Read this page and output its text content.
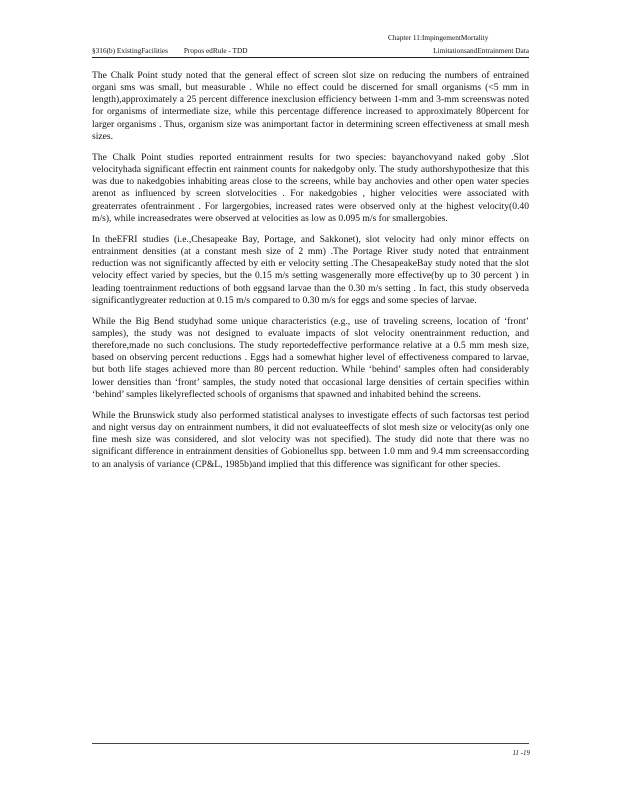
Chapter 11:ImpingementMortality
§316(b) ExistingFacilities Propos edRule - TDD	LimitationsandEntrainment Data

The Chalk Point study noted that the general effect of screen slot size on reducing the numbers of entrained organi sms was small, but measurable . While no effect could be discerned for small organisms (<5 mm in length),approximately a 25 percent difference inexclusion efficiency between 1-mm and 3-mm screenswas noted for organisms of intermediate size, while this percentage difference increased to approximately 80percent for larger organisms . Thus, organism size was animportant factor in determining screen effectiveness at small mesh sizes.

The Chalk Point studies reported entrainment results for two species: bayanchovyand naked goby .Slot velocityhada significant effectin ent rainment counts for nakedgoby only. The study authorshypothesize that this was due to nakedgobies inhabiting areas close to the screens, while bay anchovies and other open water species arenot as influenced by screen slotvelocities . For nakedgobies , higher velocities were associated with greaterrates ofentrainment . For largergobies, increased rates were observed only at the highest velocity(0.40 m/s), while increasedrates were observed at velocities as low as 0.095 m/s for smallergobies.

In theEFRI studies (i.e.,Chesapeake Bay, Portage, and Sakkonet), slot velocity had only minor effects on entrainment densities (at a constant mesh size of 2 mm) .The Portage River study noted that entrainment reduction was not significantly affected by eith er velocity setting .The ChesapeakeBay study noted that the slot velocity effect varied by species, but the 0.15 m/s setting wasgenerally more effective(by up to 30 percent ) in leading toentrainment reductions of both eggsand larvae than the 0.30 m/s setting . In fact, this study observeda significantlygreater reduction at 0.15 m/s compared to 0.30 m/s for eggs and some species of larvae.

While the Big Bend studyhad some unique characteristics (e.g., use of traveling screens, location of ‘front’ samples), the study was not designed to evaluate impacts of slot velocity onentrainment reduction, and therefore,made no such conclusions. The study reportedeffective performance relative at a 0.5 mm mesh size, based on observing percent reductions . Eggs had a somewhat higher level of effectiveness compared to larvae, but both life stages achieved more than 80 percent reduction. While ‘behind’ samples often had considerably lower densities than ‘front’ samples, the study noted that occasional large densities of certain specifies within ‘behind’ samples likelyreflected schools of organisms that spawned and inhabited behind the screens.

While the Brunswick study also performed statistical analyses to investigate effects of such factorsas test period and night versus day on entrainment numbers, it did not evaluateeffects of slot mesh size or velocity(as only one fine mesh size was considered, and slot velocity was not specified). The study did note that there was no significant difference in entrainment densities of Gobionellus spp. between 1.0 mm and 9.4 mm screensaccording to an analysis of variance (CP&L, 1985b)and implied that this difference was significant for other species.

11 -19
